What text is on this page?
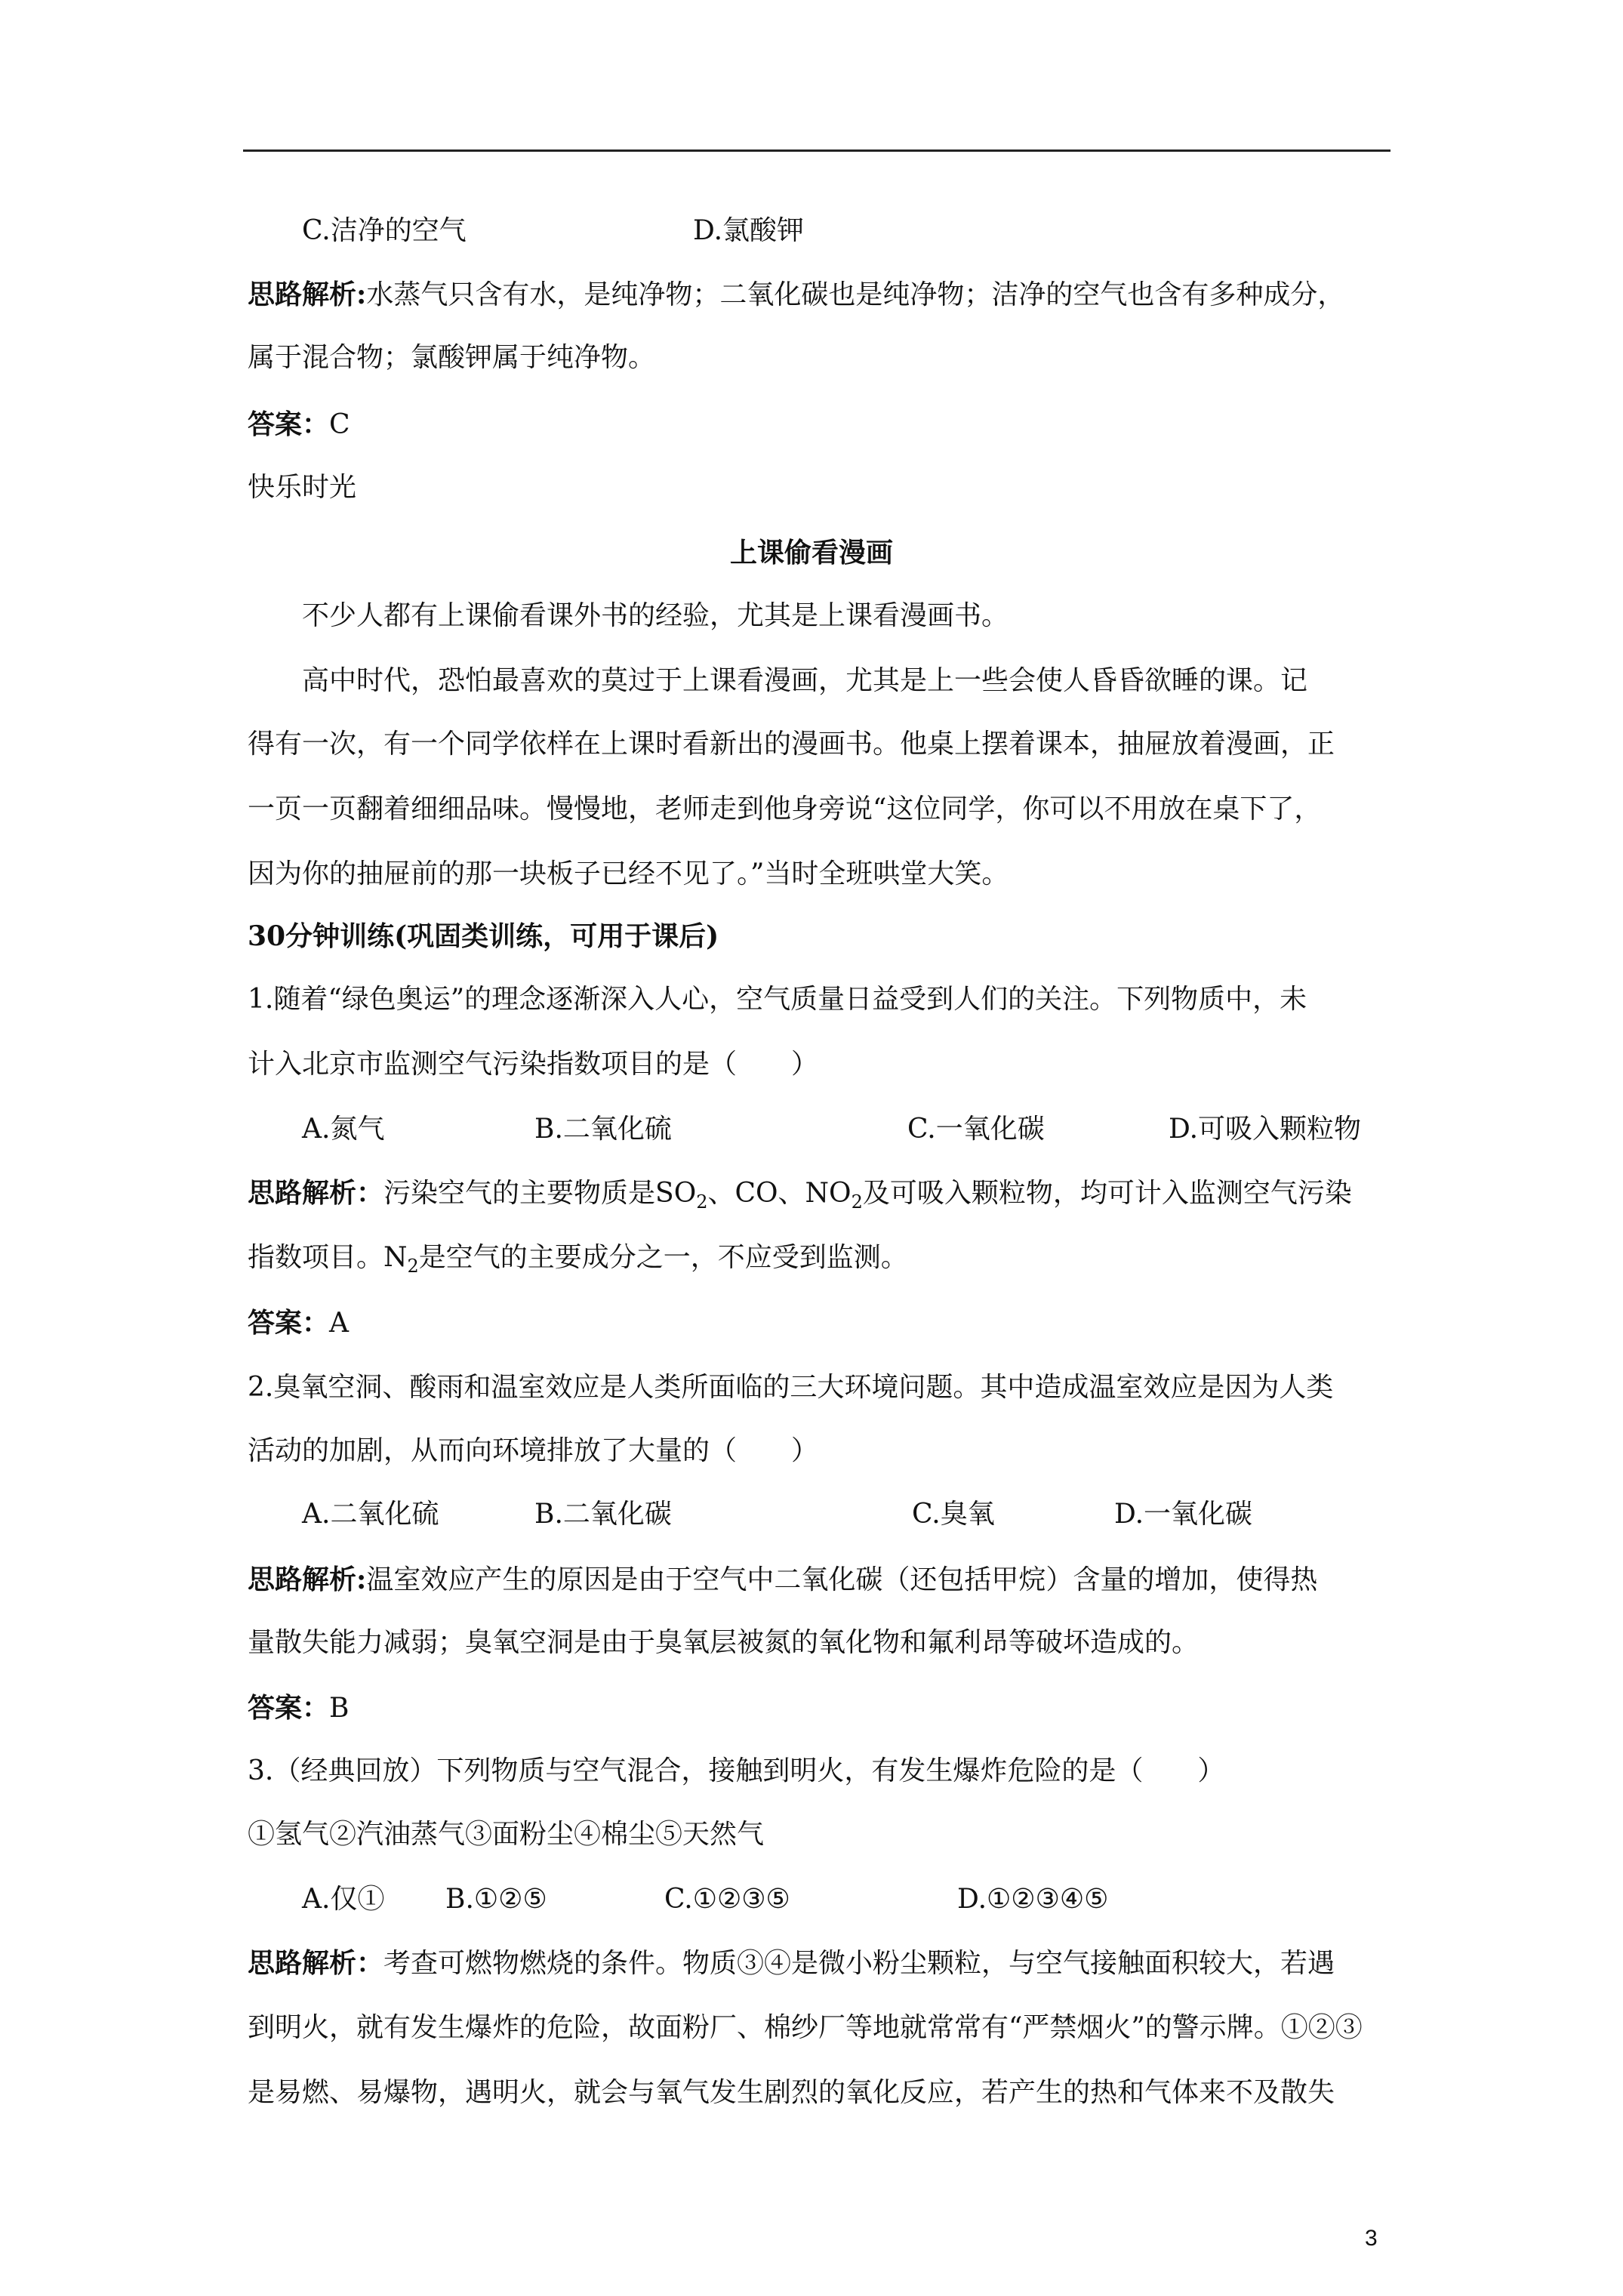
C.洁净的空气	D.氯酸钾
思路解析:水蒸气只含有水，是纯净物；二氧化碳也是纯净物；洁净的空气也含有多种成分，
属于混合物；氯酸钾属于纯净物。
答案：C
快乐时光
上课偷看漫画
不少人都有上课偷看课外书的经验，尤其是上课看漫画书。
高中时代，恐怕最喜欢的莫过于上课看漫画，尤其是上一些会使人昏昏欲睡的课。记
得有一次，有一个同学依样在上课时看新出的漫画书。他桌上摆着课本，抽屉放着漫画，正
一页一页翻着细细品味。慢慢地，老师走到他身旁说“这位同学，你可以不用放在桌下了，
因为你的抽屉前的那一块板子已经不见了。”当时全班哄堂大笑。
30分钟训练(巩固类训练，可用于课后)
1.随着“绿色奥运”的理念逐渐深入人心，空气质量日益受到人们的关注。下列物质中，未
计入北京市监测空气污染指数项目的是（　　）
A.氮气	B.二氧化硫	C.一氧化碳	D.可吸入颗粒物
思路解析：污染空气的主要物质是$SO_2$、CO、$NO_2$及可吸入颗粒物，均可计入监测空气污染
指数项目。$N_2$是空气的主要成分之一，不应受到监测。
答案：A
2.臭氧空洞、酸雨和温室效应是人类所面临的三大环境问题。其中造成温室效应是因为人类
活动的加剧，从而向环境排放了大量的（　　）
A.二氧化硫	B.二氧化碳	C.臭氧	D.一氧化碳
思路解析:温室效应产生的原因是由于空气中二氧化碳（还包括甲烷）含量的增加，使得热
量散失能力减弱；臭氧空洞是由于臭氧层被氮的氧化物和氟利昂等破坏造成的。
答案：B
3.（经典回放）下列物质与空气混合，接触到明火，有发生爆炸危险的是（　　）
①氢气②汽油蒸气③面粉尘④棉尘⑤天然气
A.仅① B.①②⑤	C.①②③⑤	D.①②③④⑤
思路解析：考查可燃物燃烧的条件。物质③④是微小粉尘颗粒，与空气接触面积较大，若遇
到明火，就有发生爆炸的危险，故面粉厂、棉纱厂等地就常常有“严禁烟火”的警示牌。①②③
是易燃、易爆物，遇明火，就会与氧气发生剧烈的氧化反应，若产生的热和气体来不及散失
3
